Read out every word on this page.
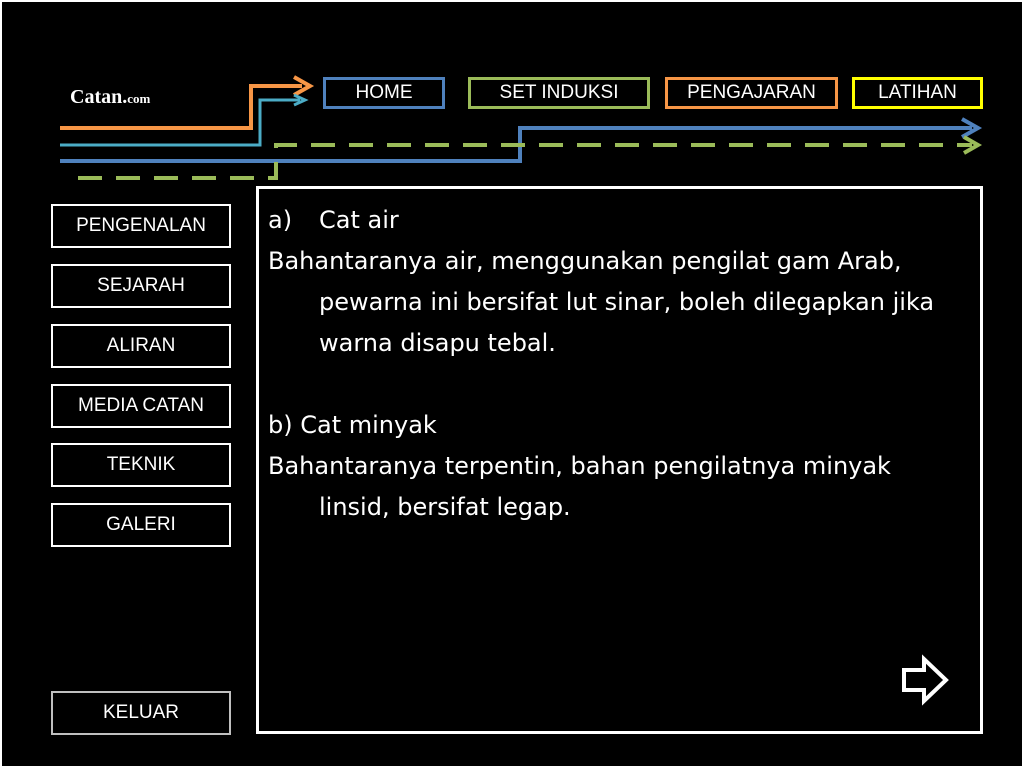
Catan.com	HOME	SET INDUKSI	PENGAJARAN	LATIHAN
PENGENALAN
SEJARAH
ALIRAN
MEDIA CATAN
TEKNIK
GALERI
KELUAR
a) Cat air
Bahantaranya air, menggunakan pengilat gam Arab, pewarna ini bersifat lut sinar, boleh dilegapkan jika warna disapu tebal.
b) Cat minyak
Bahantaranya terpentin, bahan pengilatnya minyak linsid, bersifat legap.
